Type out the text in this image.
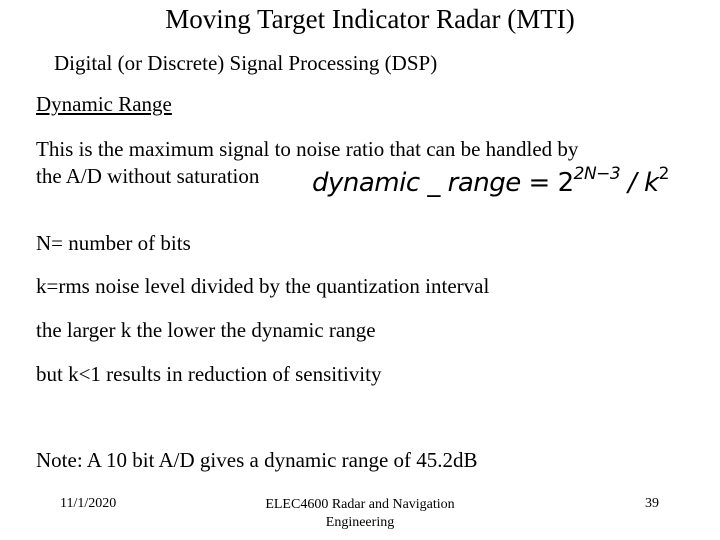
Moving Target Indicator Radar (MTI)
Digital (or Discrete) Signal Processing (DSP)
Dynamic Range
This is the maximum signal to noise ratio that can be handled by
the A/D without saturation dynamic _ range = $2^{2N-3} / k^2$
N= number of bits
k=rms noise level divided by the quantization interval
the larger k the lower the dynamic range
but k<1 results in reduction of sensitivity
Note: A 10 bit A/D gives a dynamic range of 45.2dB
11/1/2020	ELEC4600 Radar and Navigation Engineering
39
